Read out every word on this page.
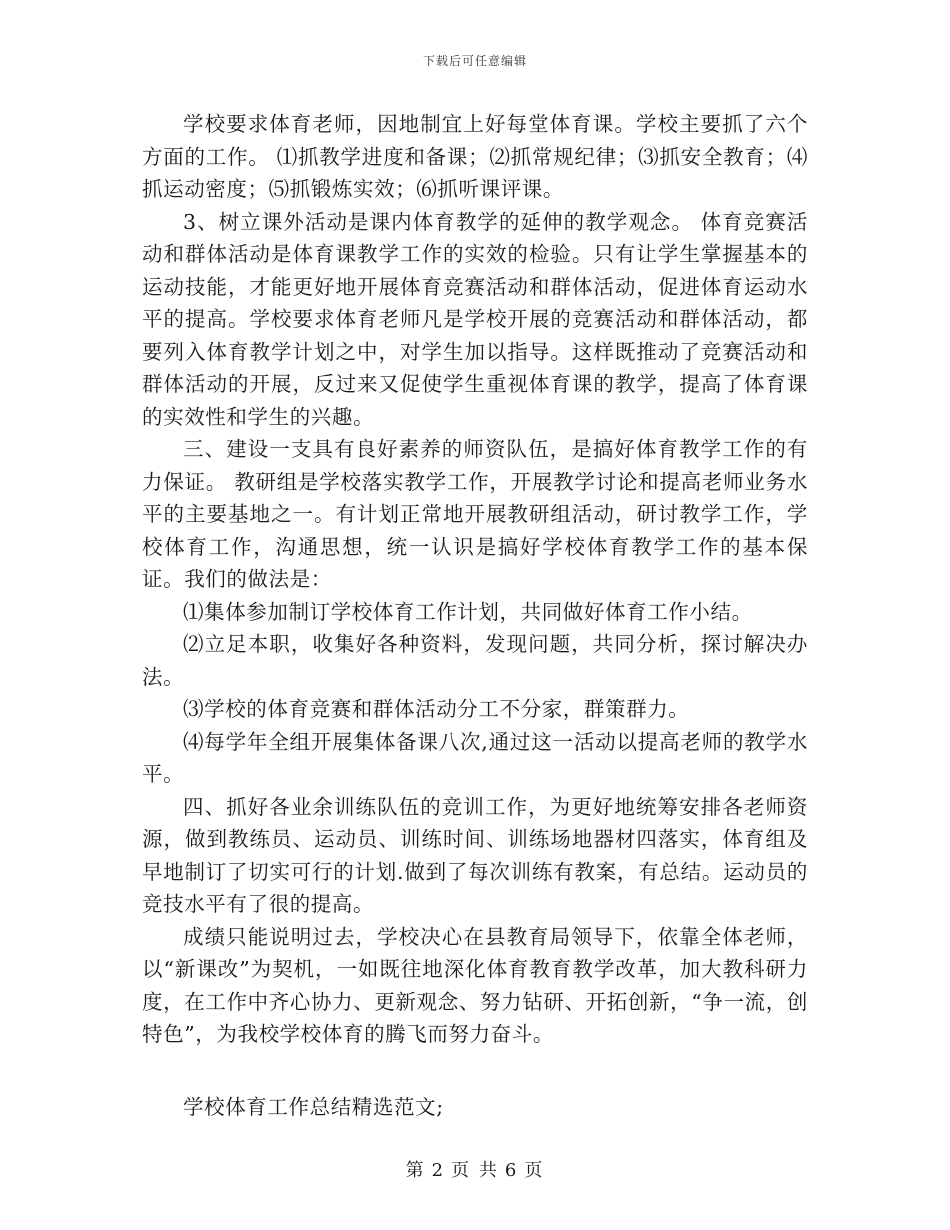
下载后可任意编辑

学校要求体育老师，因地制宜上好每堂体育课。学校主要抓了六个方面的工作。 ⑴抓教学进度和备课；⑵抓常规纪律；⑶抓安全教育；⑷抓运动密度；⑸抓锻炼实效；⑹抓听课评课。

3、树立课外活动是课内体育教学的延伸的教学观念。 体育竞赛活动和群体活动是体育课教学工作的实效的检验。只有让学生掌握基本的运动技能，才能更好地开展体育竞赛活动和群体活动，促进体育运动水平的提高。学校要求体育老师凡是学校开展的竞赛活动和群体活动，都要列入体育教学计划之中，对学生加以指导。这样既推动了竞赛活动和群体活动的开展，反过来又促使学生重视体育课的教学，提高了体育课的实效性和学生的兴趣。

三、建设一支具有良好素养的师资队伍，是搞好体育教学工作的有力保证。 教研组是学校落实教学工作，开展教学讨论和提高老师业务水平的主要基地之一。有计划正常地开展教研组活动，研讨教学工作，学校体育工作，沟通思想，统一认识是搞好学校体育教学工作的基本保证。我们的做法是：

⑴集体参加制订学校体育工作计划，共同做好体育工作小结。

⑵立足本职，收集好各种资料，发现问题，共同分析，探讨解决办法。

⑶学校的体育竞赛和群体活动分工不分家，群策群力。

⑷每学年全组开展集体备课八次,通过这一活动以提高老师的教学水平。

四、抓好各业余训练队伍的竞训工作，为更好地统筹安排各老师资源，做到教练员、运动员、训练时间、训练场地器材四落实，体育组及早地制订了切实可行的计划.做到了每次训练有教案，有总结。运动员的竞技水平有了很的提高。

成绩只能说明过去，学校决心在县教育局领导下，依靠全体老师，以“新课改”为契机，一如既往地深化体育教育教学改革，加大教科研力度，在工作中齐心协力、更新观念、努力钻研、开拓创新，“争一流，创特色”，为我校学校体育的腾飞而努力奋斗。

学校体育工作总结精选范文;

第 2 页 共 6 页
